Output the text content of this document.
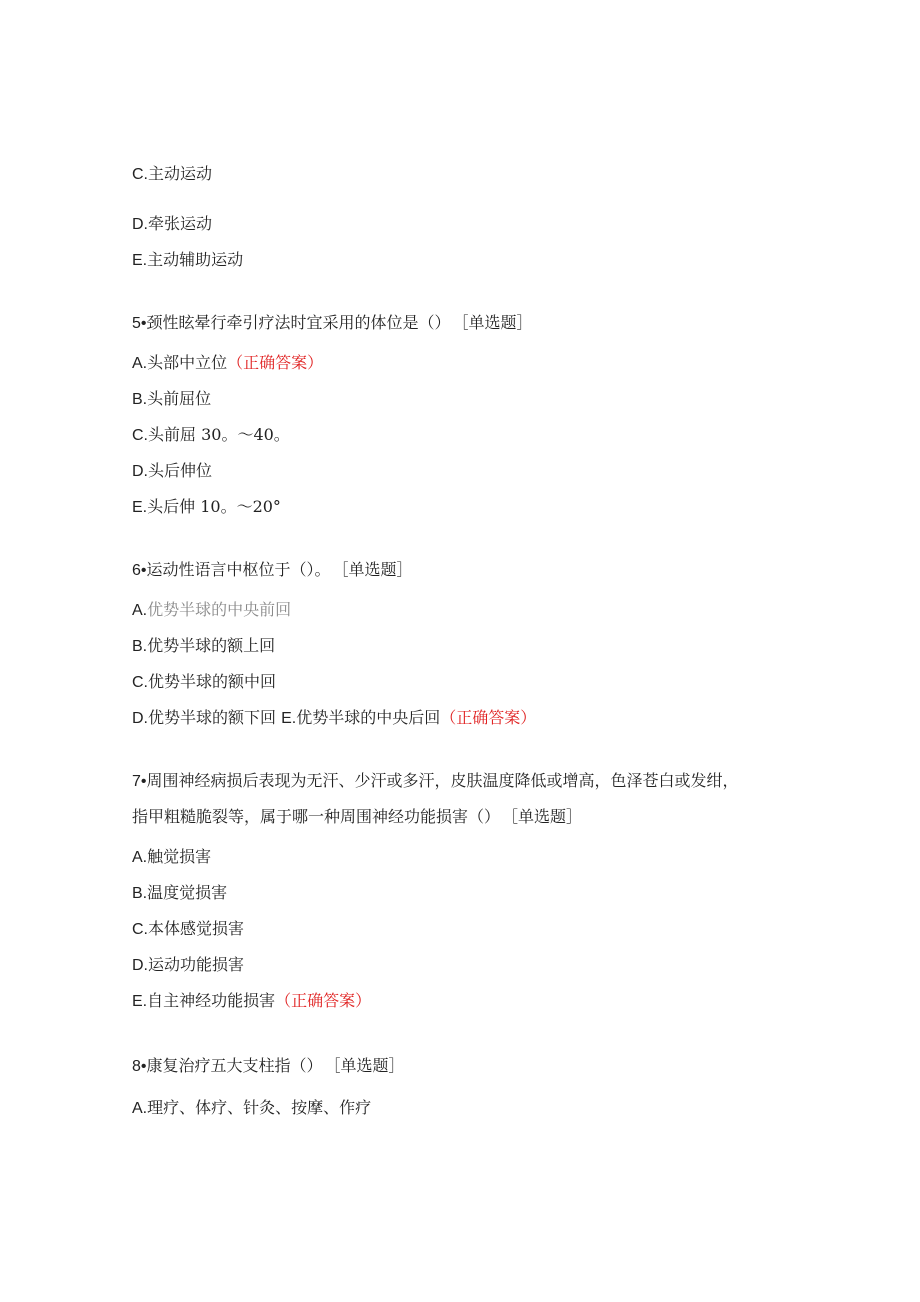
C.主动运动
D.牵张运动
E.主动辅助运动
5•颈性眩晕行牵引疗法时宜采用的体位是（） ［单选题］
A.头部中立位（正确答案）
B.头前屈位
C.头前屈 30。～40。
D.头后伸位
E.头后伸 10。～20°
6•运动性语言中枢位于（）。 ［单选题］
A.优势半球的中央前回
B.优势半球的额上回
C.优势半球的额中回
D.优势半球的额下回 E.优势半球的中央后回（正确答案）
7•周围神经病损后表现为无汗、少汗或多汗，皮肤温度降低或增高，色泽苍白或发绀，
指甲粗糙脆裂等，属于哪一种周围神经功能损害（） ［单选题］
A.触觉损害
B.温度觉损害
C.本体感觉损害
D.运动功能损害
E.自主神经功能损害（正确答案）
8•康复治疗五大支柱指（） ［单选题］
A.理疗、体疗、针灸、按摩、作疗
